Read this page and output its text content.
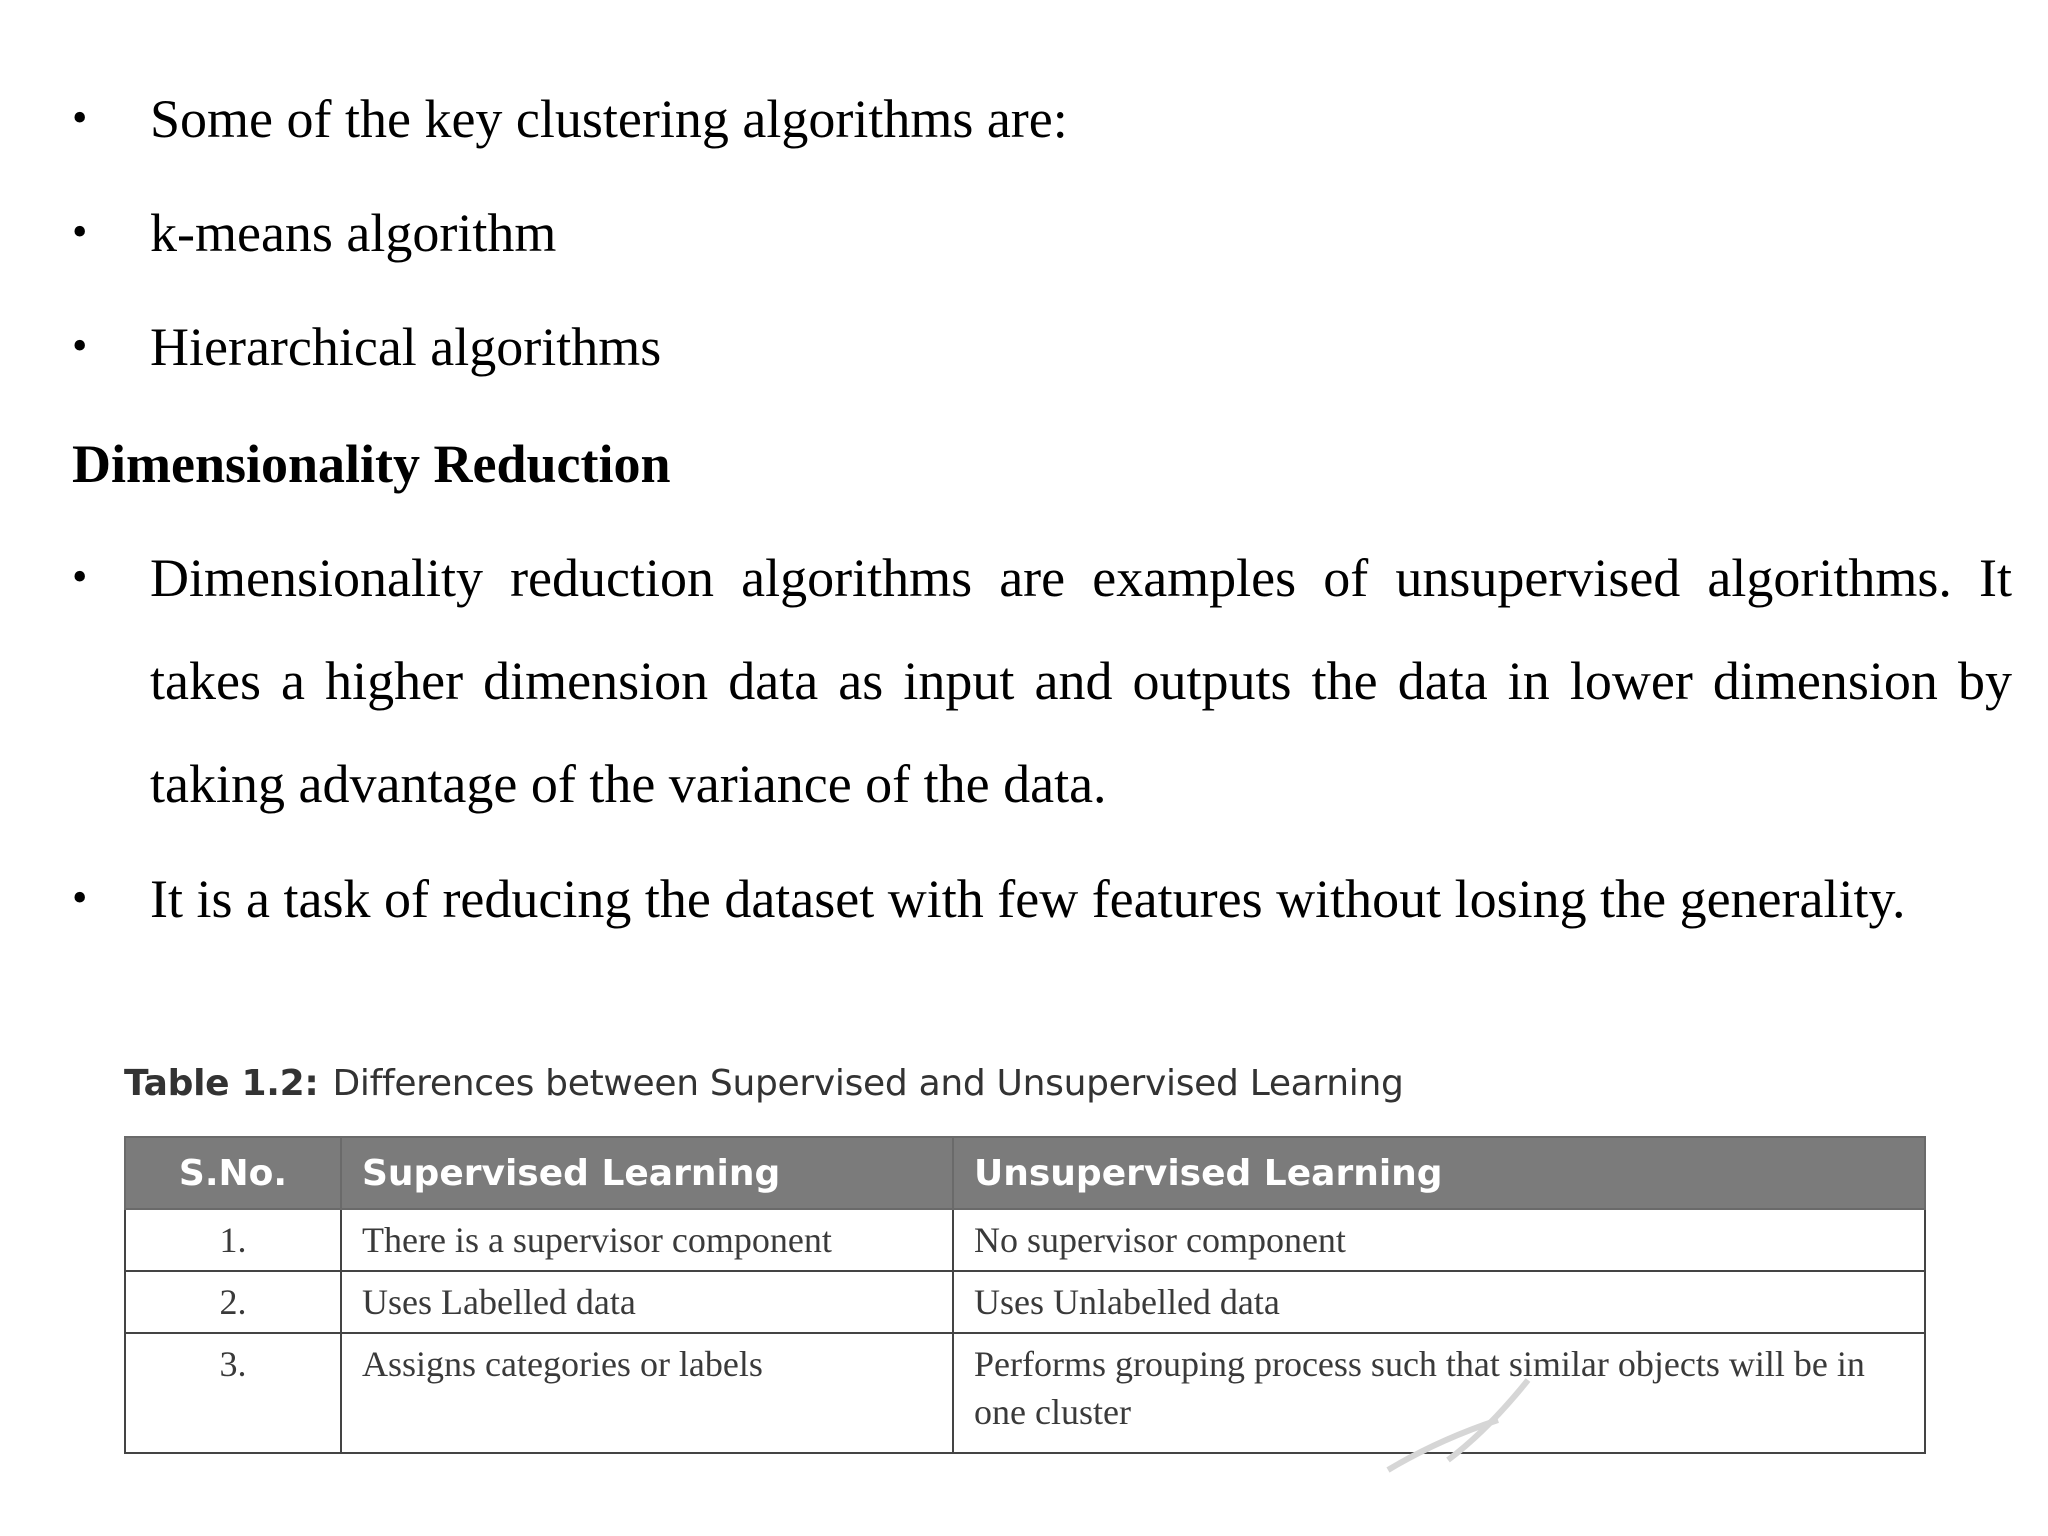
•	Some of the key clustering algorithms are:
•	k-means algorithm
•	Hierarchical algorithms
Dimensionality Reduction
•	Dimensionality reduction algorithms are examples of unsupervised algorithms. It takes a higher dimension data as input and outputs the data in lower dimension by taking advantage of the variance of the data.
•	It is a task of reducing the dataset with few features without losing the generality.
Table 1.2: Differences between Supervised and Unsupervised Learning
S.No.	Supervised Learning	Unsupervised Learning
1.	There is a supervisor component	No supervisor component
2.	Uses Labelled data	Uses Unlabelled data
3.	Assigns categories or labels	Performs grouping process such that similar objects will be in one cluster
